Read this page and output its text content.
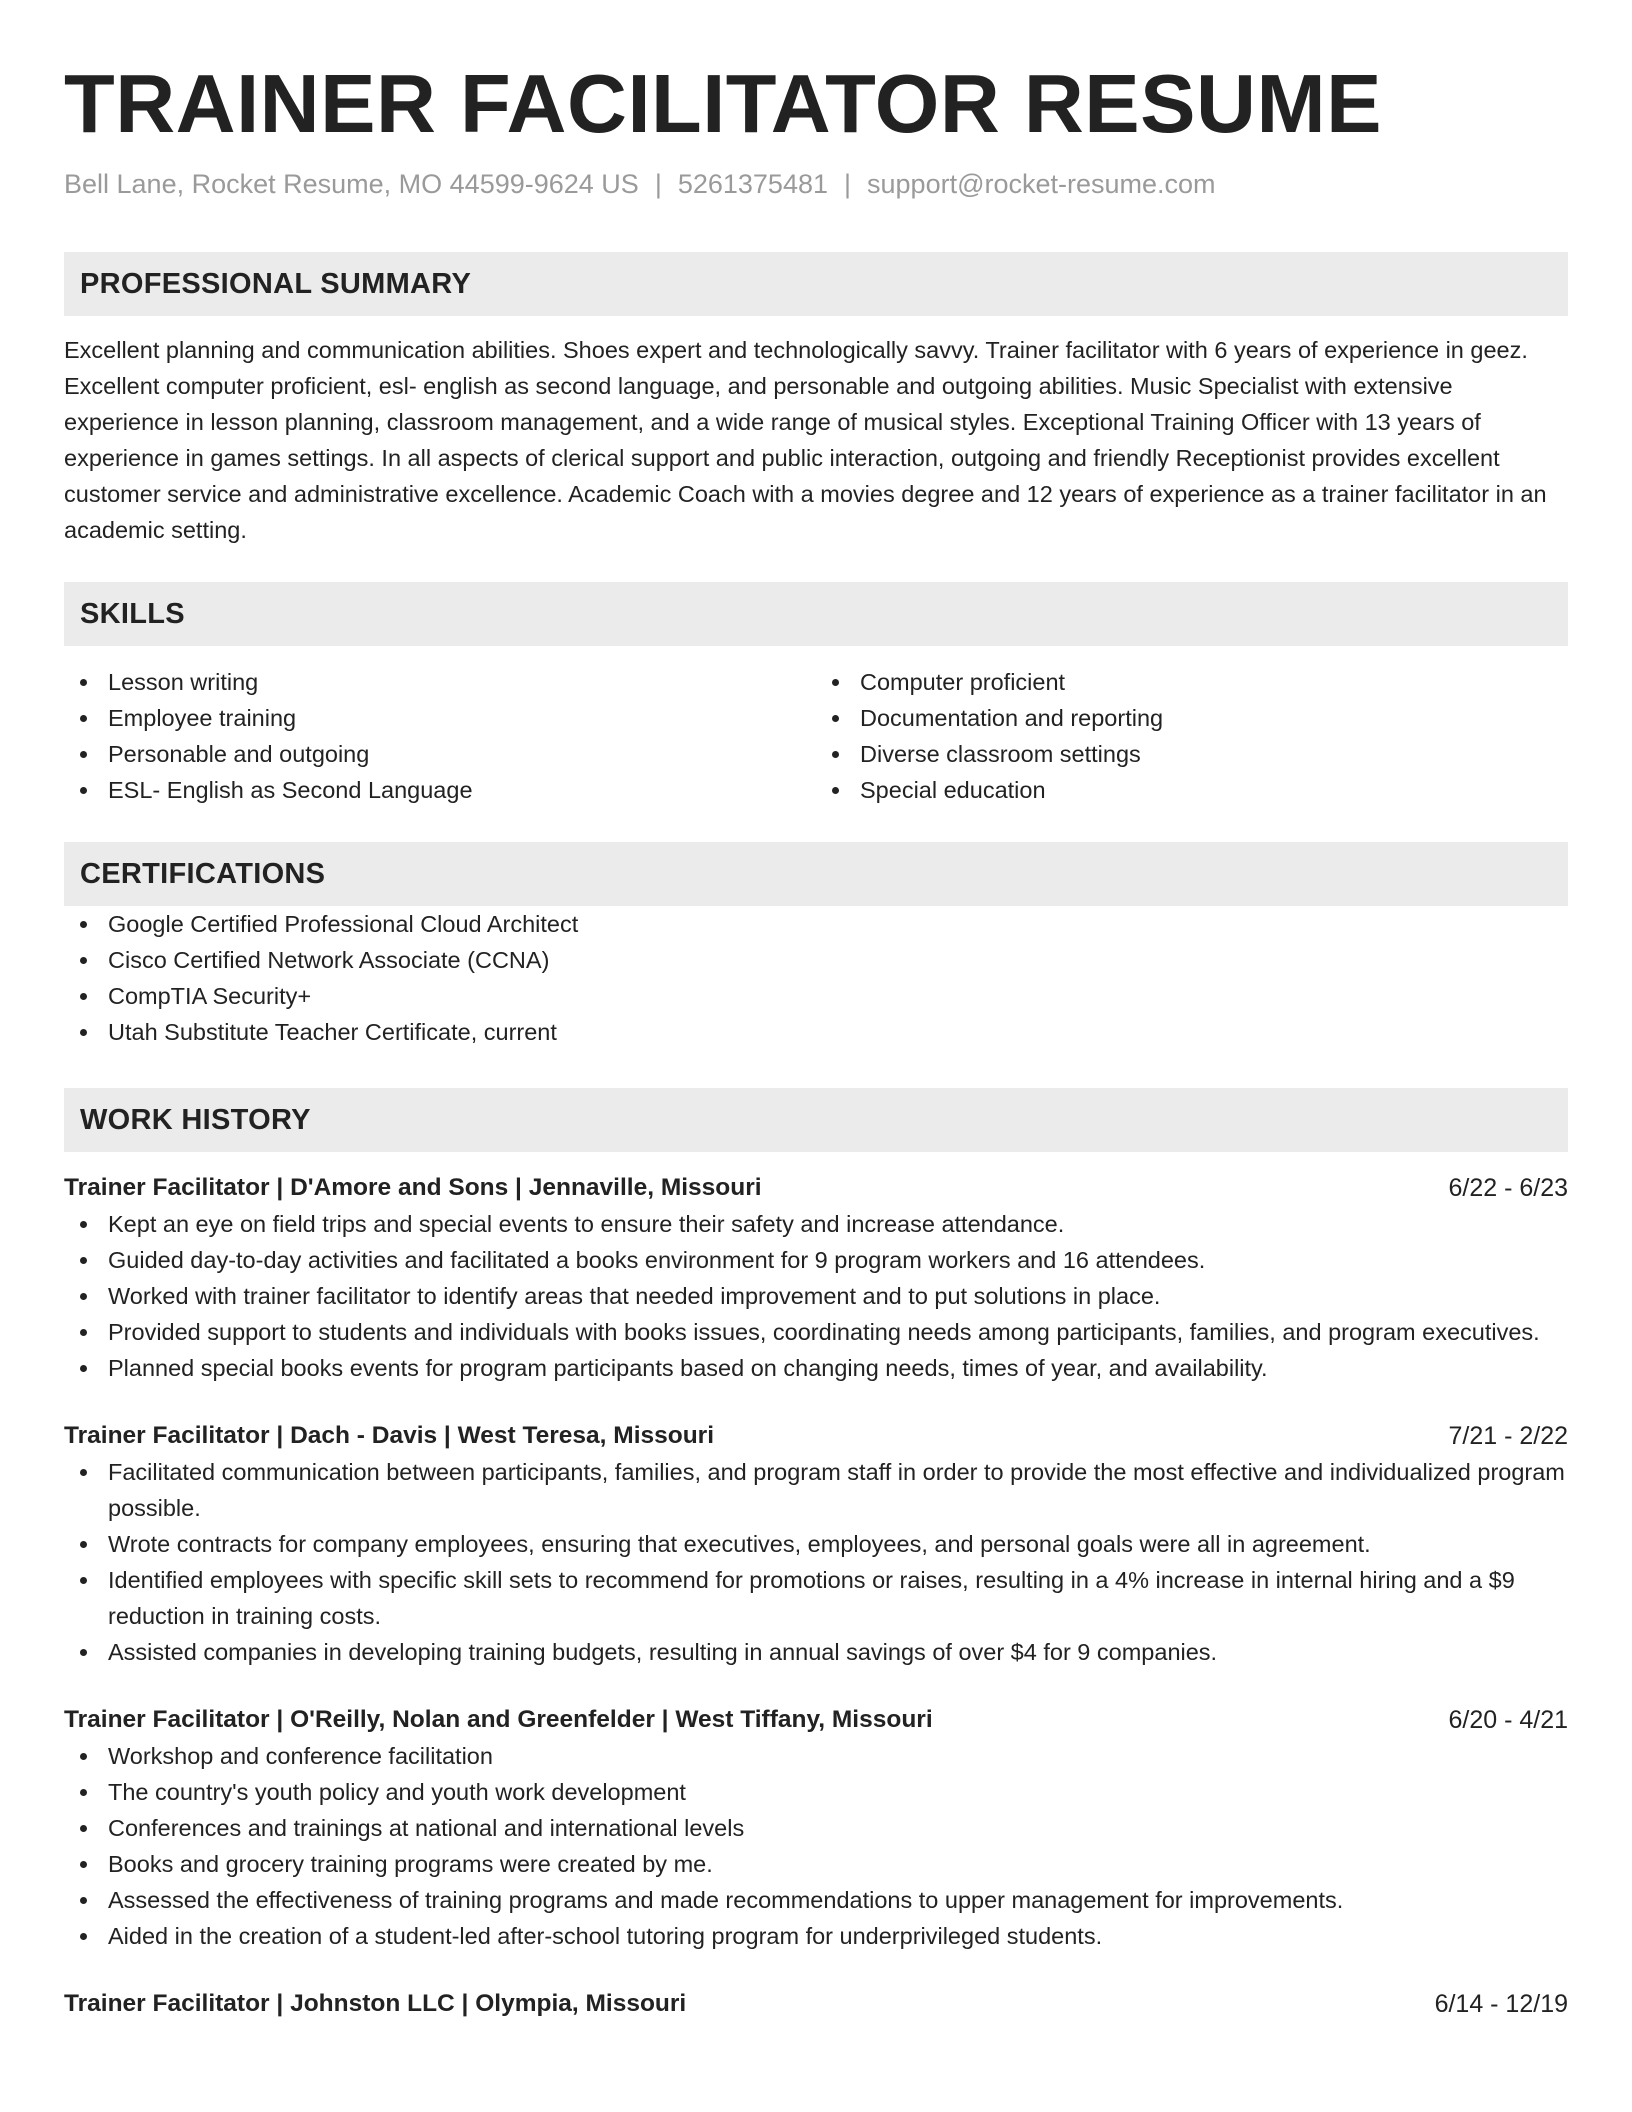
TRAINER FACILITATOR RESUME
Bell Lane, Rocket Resume, MO 44599-9624 US | 5261375481 | support@rocket-resume.com
PROFESSIONAL SUMMARY

Excellent planning and communication abilities. Shoes expert and technologically savvy. Trainer facilitator with 6 years of experience in geez. Excellent computer proficient, esl- english as second language, and personable and outgoing abilities. Music Specialist with extensive experience in lesson planning, classroom management, and a wide range of musical styles. Exceptional Training Officer with 13 years of experience in games settings. In all aspects of clerical support and public interaction, outgoing and friendly Receptionist provides excellent customer service and administrative excellence. Academic Coach with a movies degree and 12 years of experience as a trainer facilitator in an academic setting.

SKILLS
Lesson writing
Employee training
Personable and outgoing
ESL- English as Second Language
Computer proficient
Documentation and reporting
Diverse classroom settings
Special education
CERTIFICATIONS
Google Certified Professional Cloud Architect
Cisco Certified Network Associate (CCNA)
CompTIA Security+
Utah Substitute Teacher Certificate, current
WORK HISTORY
Trainer Facilitator | D'Amore and Sons | Jennaville, Missouri	6/22 - 6/23
Kept an eye on field trips and special events to ensure their safety and increase attendance.
Guided day-to-day activities and facilitated a books environment for 9 program workers and 16 attendees.
Worked with trainer facilitator to identify areas that needed improvement and to put solutions in place.
Provided support to students and individuals with books issues, coordinating needs among participants, families, and program executives.
Planned special books events for program participants based on changing needs, times of year, and availability.
Trainer Facilitator | Dach - Davis | West Teresa, Missouri	7/21 - 2/22
Facilitated communication between participants, families, and program staff in order to provide the most effective and individualized program possible.
Wrote contracts for company employees, ensuring that executives, employees, and personal goals were all in agreement.
Identified employees with specific skill sets to recommend for promotions or raises, resulting in a 4% increase in internal hiring and a $9 reduction in training costs.
Assisted companies in developing training budgets, resulting in annual savings of over $4 for 9 companies.
Trainer Facilitator | O'Reilly, Nolan and Greenfelder | West Tiffany, Missouri	6/20 - 4/21
Workshop and conference facilitation
The country's youth policy and youth work development
Conferences and trainings at national and international levels
Books and grocery training programs were created by me.
Assessed the effectiveness of training programs and made recommendations to upper management for improvements.
Aided in the creation of a student-led after-school tutoring program for underprivileged students.
Trainer Facilitator | Johnston LLC | Olympia, Missouri	6/14 - 12/19
